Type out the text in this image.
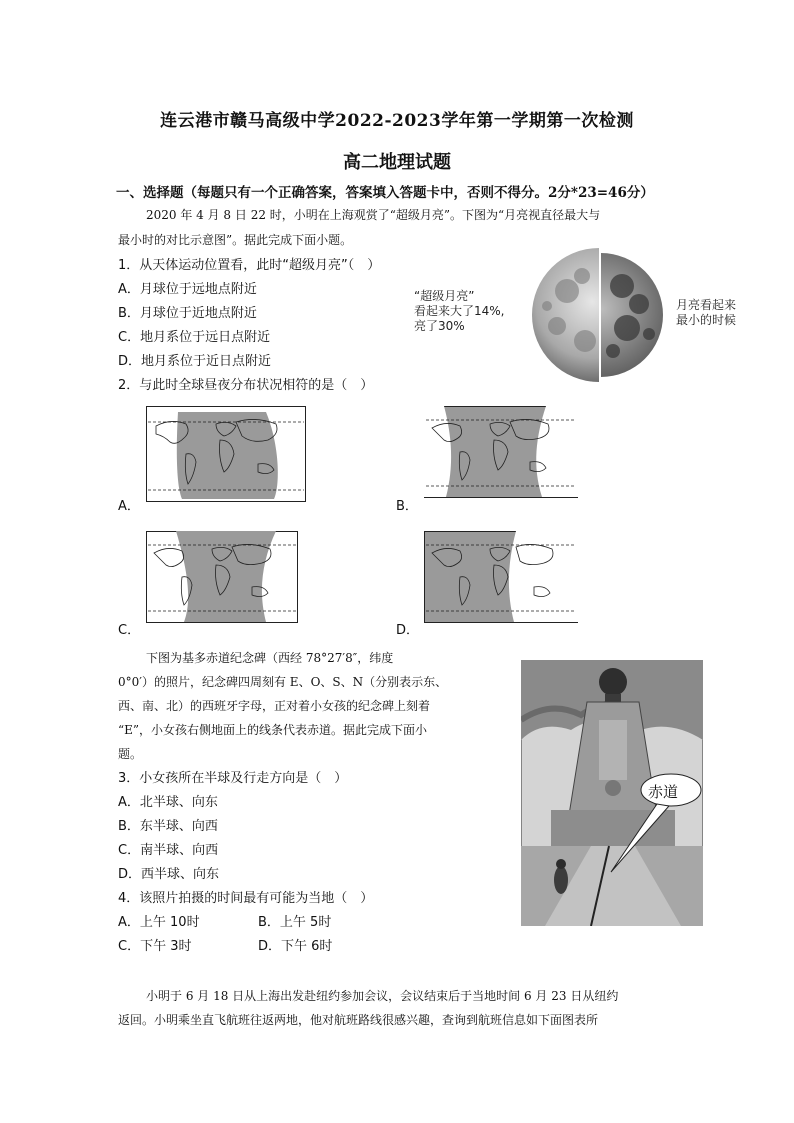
连云港市赣马高级中学2022-2023学年第一学期第一次检测
高二地理试题
一、选择题（每题只有一个正确答案，答案填入答题卡中，否则不得分。2分*23=46分）
2020 年 4 月 8 日 22 时，小明在上海观赏了“超级月亮”。下图为“月亮视直径最大与
最小时的对比示意图”。据此完成下面小题。
1．从天体运动位置看，此时“超级月亮”（　）
A．月球位于远地点附近
B．月球位于近地点附近
C．地月系位于远日点附近
D．地月系位于近日点附近
“超级月亮”
看起来大了14%,
亮了30%
月亮看起来
最小的时候
2．与此时全球昼夜分布状况相符的是（　）
A．	B．
C．	D．
下图为基多赤道纪念碑（西经 78°27′8″，纬度
0°0′）的照片，纪念碑四周刻有 E、O、S、N（分别表示东、
西、南、北）的西班牙字母，正对着小女孩的纪念碑上刻着
“E”，小女孩右侧地面上的线条代表赤道。据此完成下面小
题。
3．小女孩所在半球及行走方向是（　）
A．北半球、向东
B．东半球、向西
C．南半球、向西
D．西半球、向东
4．该照片拍摄的时间最有可能为当地（　）
A．上午 10时	B．上午 5时
C．下午 3时	D．下午 6时
赤道
小明于 6 月 18 日从上海出发赴纽约参加会议，会议结束后于当地时间 6 月 23 日从纽约
返回。小明乘坐直飞航班往返两地，他对航班路线很感兴趣，查询到航班信息如下面图表所
